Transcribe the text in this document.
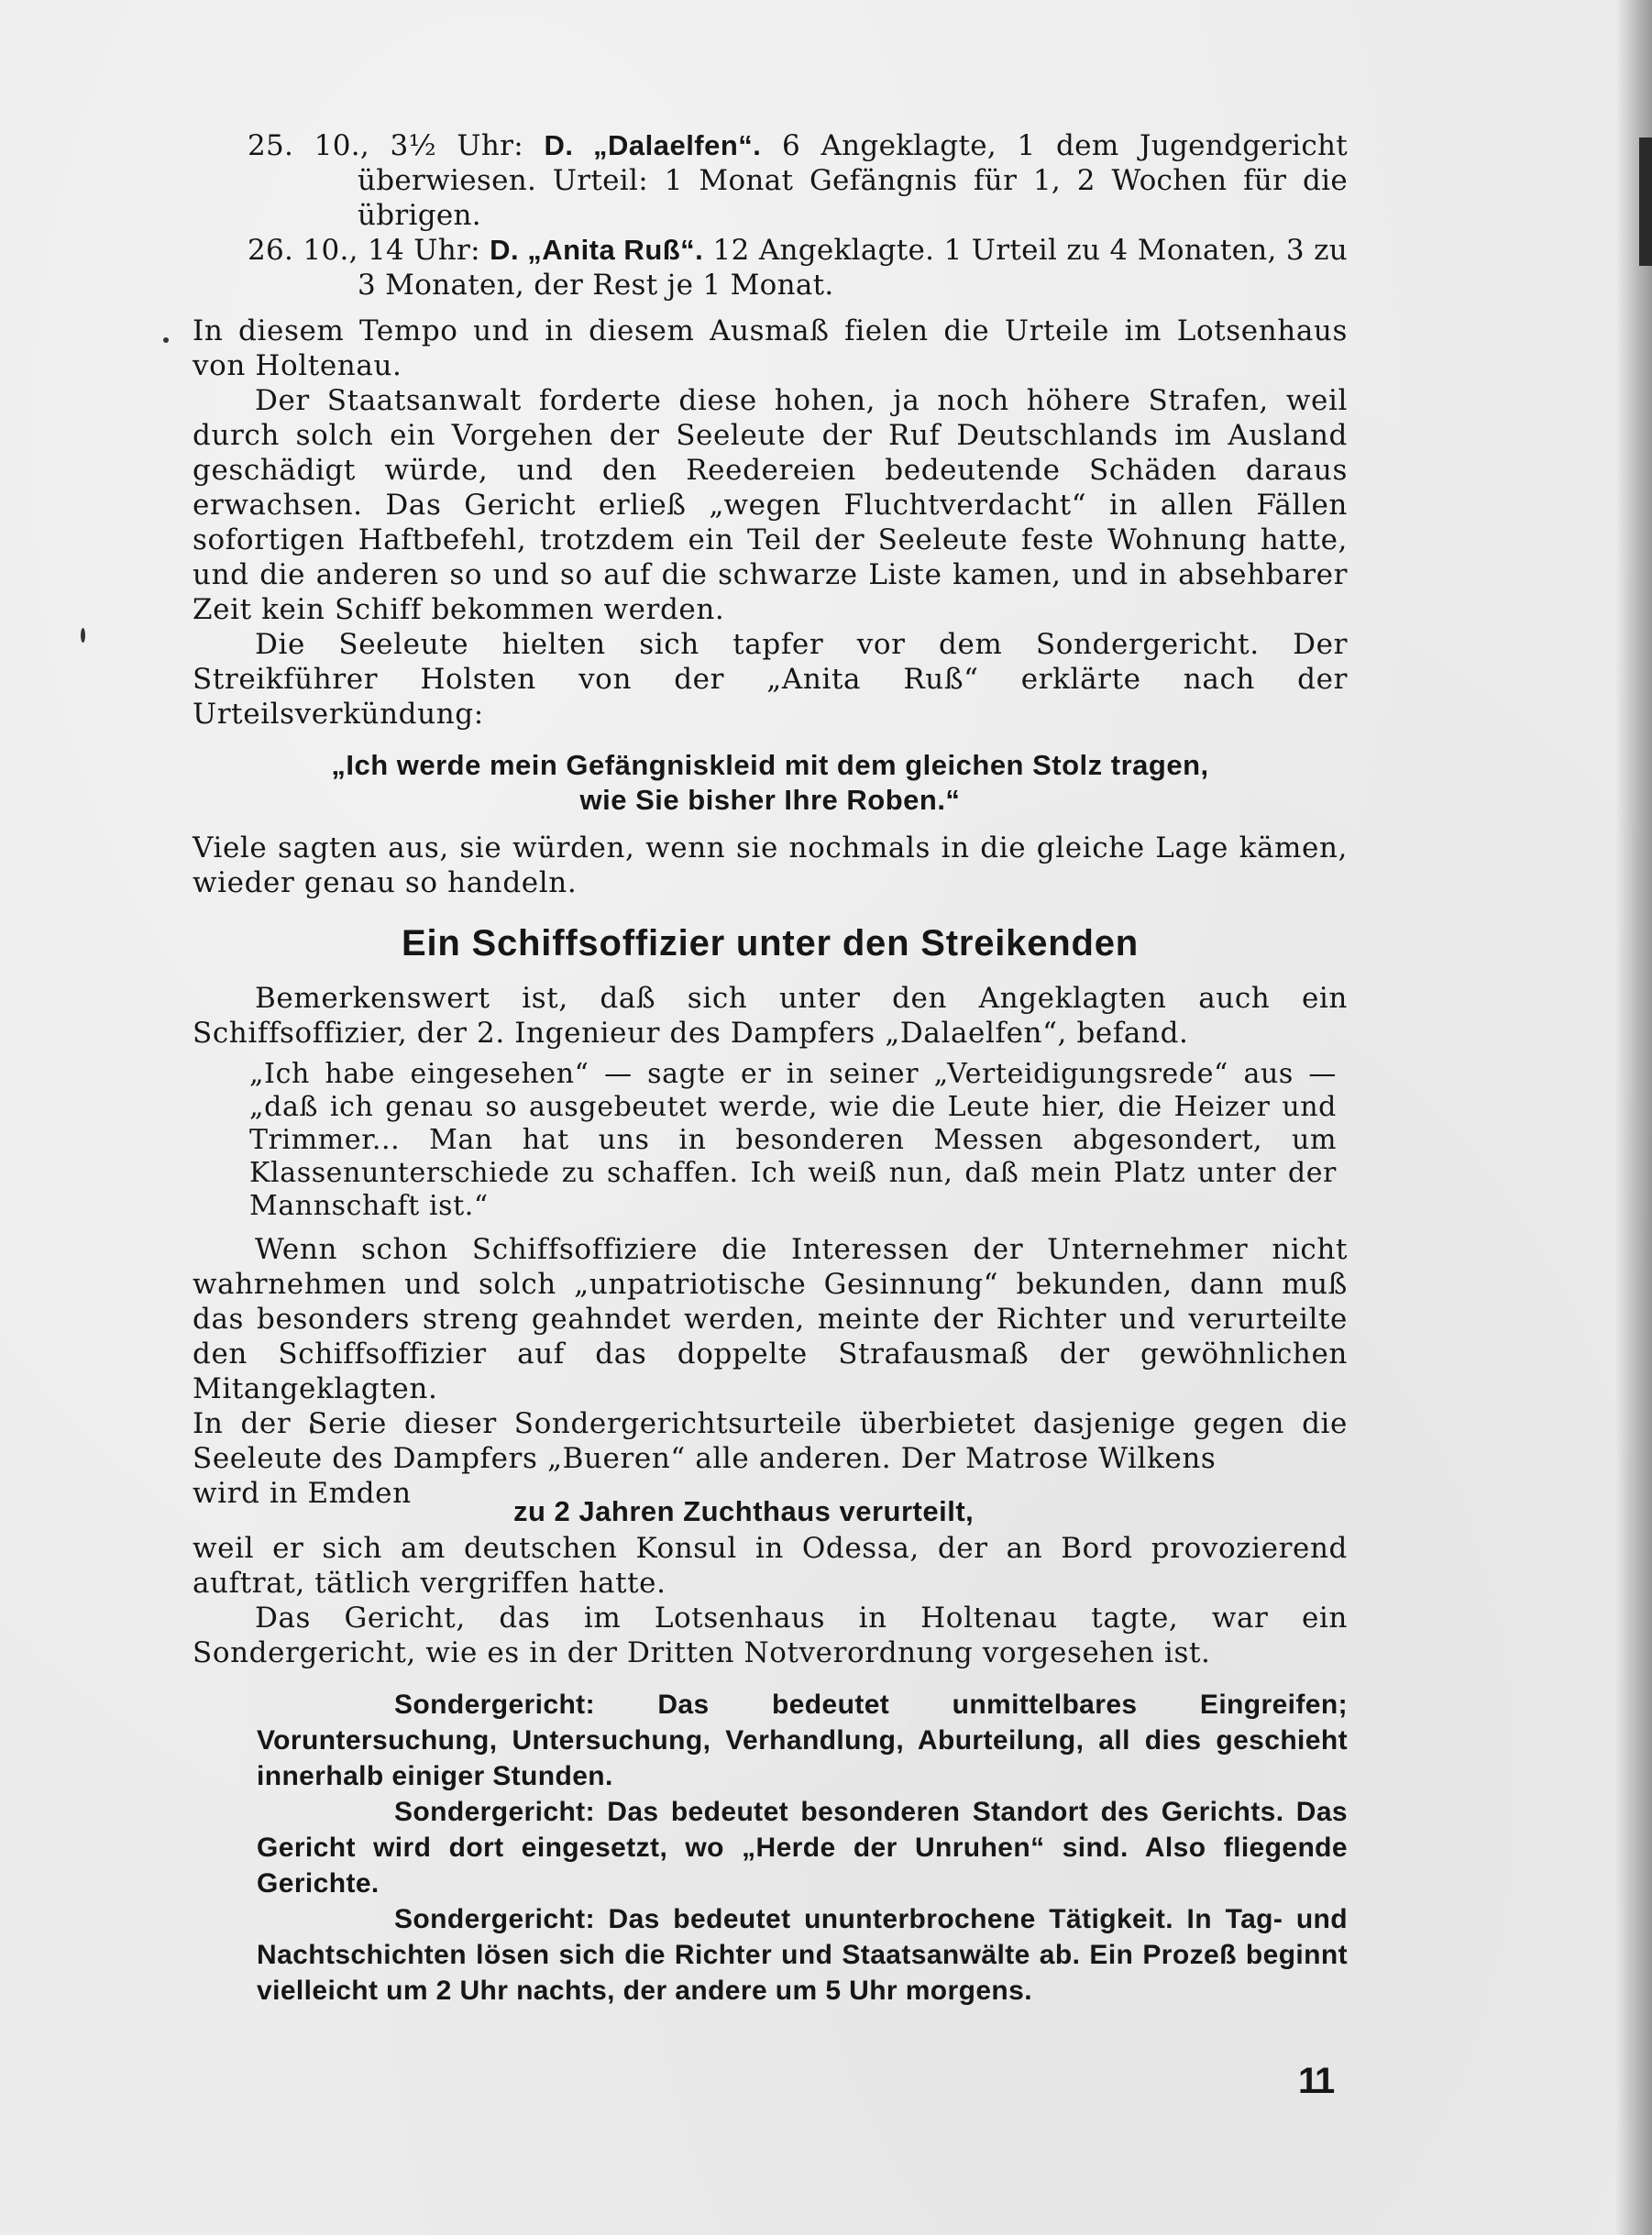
25. 10., 3½ Uhr: D. „Dalaelfen“. 6 Angeklagte, 1 dem Jugendgericht überwiesen. Urteil: 1 Monat Gefängnis für 1, 2 Wochen für die übrigen.
26. 10., 14 Uhr: D. „Anita Ruß“. 12 Angeklagte. 1 Urteil zu 4 Monaten, 3 zu 3 Monaten, der Rest je 1 Monat.

In diesem Tempo und in diesem Ausmaß fielen die Urteile im Lotsenhaus von Holtenau.

Der Staatsanwalt forderte diese hohen, ja noch höhere Strafen, weil durch solch ein Vorgehen der Seeleute der Ruf Deutschlands im Ausland geschädigt würde, und den Reedereien bedeutende Schäden daraus erwachsen. Das Gericht erließ „wegen Fluchtverdacht“ in allen Fällen sofortigen Haftbefehl, trotzdem ein Teil der Seeleute feste Wohnung hatte, und die anderen so und so auf die schwarze Liste kamen, und in absehbarer Zeit kein Schiff bekommen werden.

Die Seeleute hielten sich tapfer vor dem Sondergericht. Der Streikführer Holsten von der „Anita Ruß“ erklärte nach der Urteilsverkündung:

„Ich werde mein Gefängniskleid mit dem gleichen Stolz tragen,
wie Sie bisher Ihre Roben.“

Viele sagten aus, sie würden, wenn sie nochmals in die gleiche Lage kämen, wieder genau so handeln.

Ein Schiffsoffizier unter den Streikenden

Bemerkenswert ist, daß sich unter den Angeklagten auch ein Schiffsoffizier, der 2. Ingenieur des Dampfers „Dalaelfen“, befand.

„Ich habe eingesehen“ — sagte er in seiner „Verteidigungsrede“ aus — „daß ich genau so ausgebeutet werde, wie die Leute hier, die Heizer und Trimmer... Man hat uns in besonderen Messen abgesondert, um Klassenunterschiede zu schaffen. Ich weiß nun, daß mein Platz unter der Mannschaft ist.“

Wenn schon Schiffsoffiziere die Interessen der Unternehmer nicht wahrnehmen und solch „unpatriotische Gesinnung“ bekunden, dann muß das besonders streng geahndet werden, meinte der Richter und verurteilte den Schiffsoffizier auf das doppelte Strafausmaß der gewöhnlichen Mitangeklagten.

In der Serie dieser Sondergerichtsurteile überbietet dasjenige gegen die Seeleute des Dampfers „Bueren“ alle anderen. Der Matrose Wilkens

wird in Emden
zu 2 Jahren Zuchthaus verurteilt,

weil er sich am deutschen Konsul in Odessa, der an Bord provozierend auftrat, tätlich vergriffen hatte.

Das Gericht, das im Lotsenhaus in Holtenau tagte, war ein Sondergericht, wie es in der Dritten Notverordnung vorgesehen ist.

Sondergericht: Das bedeutet unmittelbares Eingreifen; Voruntersuchung, Untersuchung, Verhandlung, Aburteilung, all dies geschieht innerhalb einiger Stunden.

Sondergericht: Das bedeutet besonderen Standort des Gerichts. Das Gericht wird dort eingesetzt, wo „Herde der Unruhen“ sind. Also fliegende Gerichte.

Sondergericht: Das bedeutet ununterbrochene Tätigkeit. In Tag- und Nachtschichten lösen sich die Richter und Staatsanwälte ab. Ein Prozeß beginnt vielleicht um 2 Uhr nachts, der andere um 5 Uhr morgens.

11
